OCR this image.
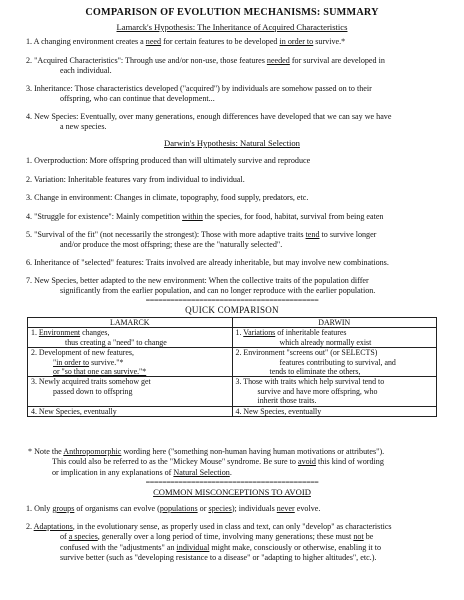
COMPARISON OF EVOLUTION MECHANISMS: SUMMARY
Lamarck's Hypothesis: The Inheritance of Acquired Characteristics
1. A changing environment creates a need for certain features to be developed in order to survive.*
2. "Acquired Characteristics": Through use and/or non-use, those features needed for survival are developed in
each individual.
3. Inheritance: Those characteristics developed ("acquired") by individuals are somehow passed on to their
offspring, who can continue that development...
4. New Species: Eventually, over many generations, enough differences have developed that we can say we have
a new species.
Darwin's Hypothesis: Natural Selection
1. Overproduction: More offspring produced than will ultimately survive and reproduce
2. Variation: Inheritable features vary from individual to individual.
3. Change in environment: Changes in climate, topography, food supply, predators, etc.
4. "Struggle for existence": Mainly competition within the species, for food, habitat, survival from being eaten
5. "Survival of the fit" (not necessarily the strongest): Those with more adaptive traits tend to survive longer
and/or produce the most offspring; these are the "naturally selected".
6. Inheritance of "selected" features: Traits involved are already inheritable, but may involve new combinations.
7. New Species, better adapted to the new environment: When the collective traits of the population differ
significantly from the earlier population, and can no longer reproduce with the earlier population.
==========================================
QUICK COMPARISON
LAMARCK	DARWIN

1. Environment changes,
thus creating a "need" to change	1. Variations of inheritable features
which already normally exist

2. Development of new features,
"in order to survive."*
or "so that one can survive."*	2. Environment "screens out" (or SELECTS)
features contributing to survival, and
tends to eliminate the others,

3. Newly acquired traits somehow get
passed down to offspring	3. Those with traits which help survival tend to
survive and have more offspring, who
inherit those traits.

4. New Species, eventually	4. New Species, eventually
* Note the Anthropomorphic wording here ("something non-human having human motivations or attributes").
This could also be referred to as the "Mickey Mouse" syndrome. Be sure to avoid this kind of wording
or implication in any explanations of Natural Selection.
==========================================
COMMON MISCONCEPTIONS TO AVOID
1. Only groups of organisms can evolve (populations or species); individuals never evolve.
2. Adaptations, in the evolutionary sense, as properly used in class and text, can only "develop" as characteristics
of a species, generally over a long period of time, involving many generations; these must not be
confused with the "adjustments" an individual might make, consciously or otherwise, enabling it to
survive better (such as "developing resistance to a disease" or "adapting to higher altitudes", etc.).
